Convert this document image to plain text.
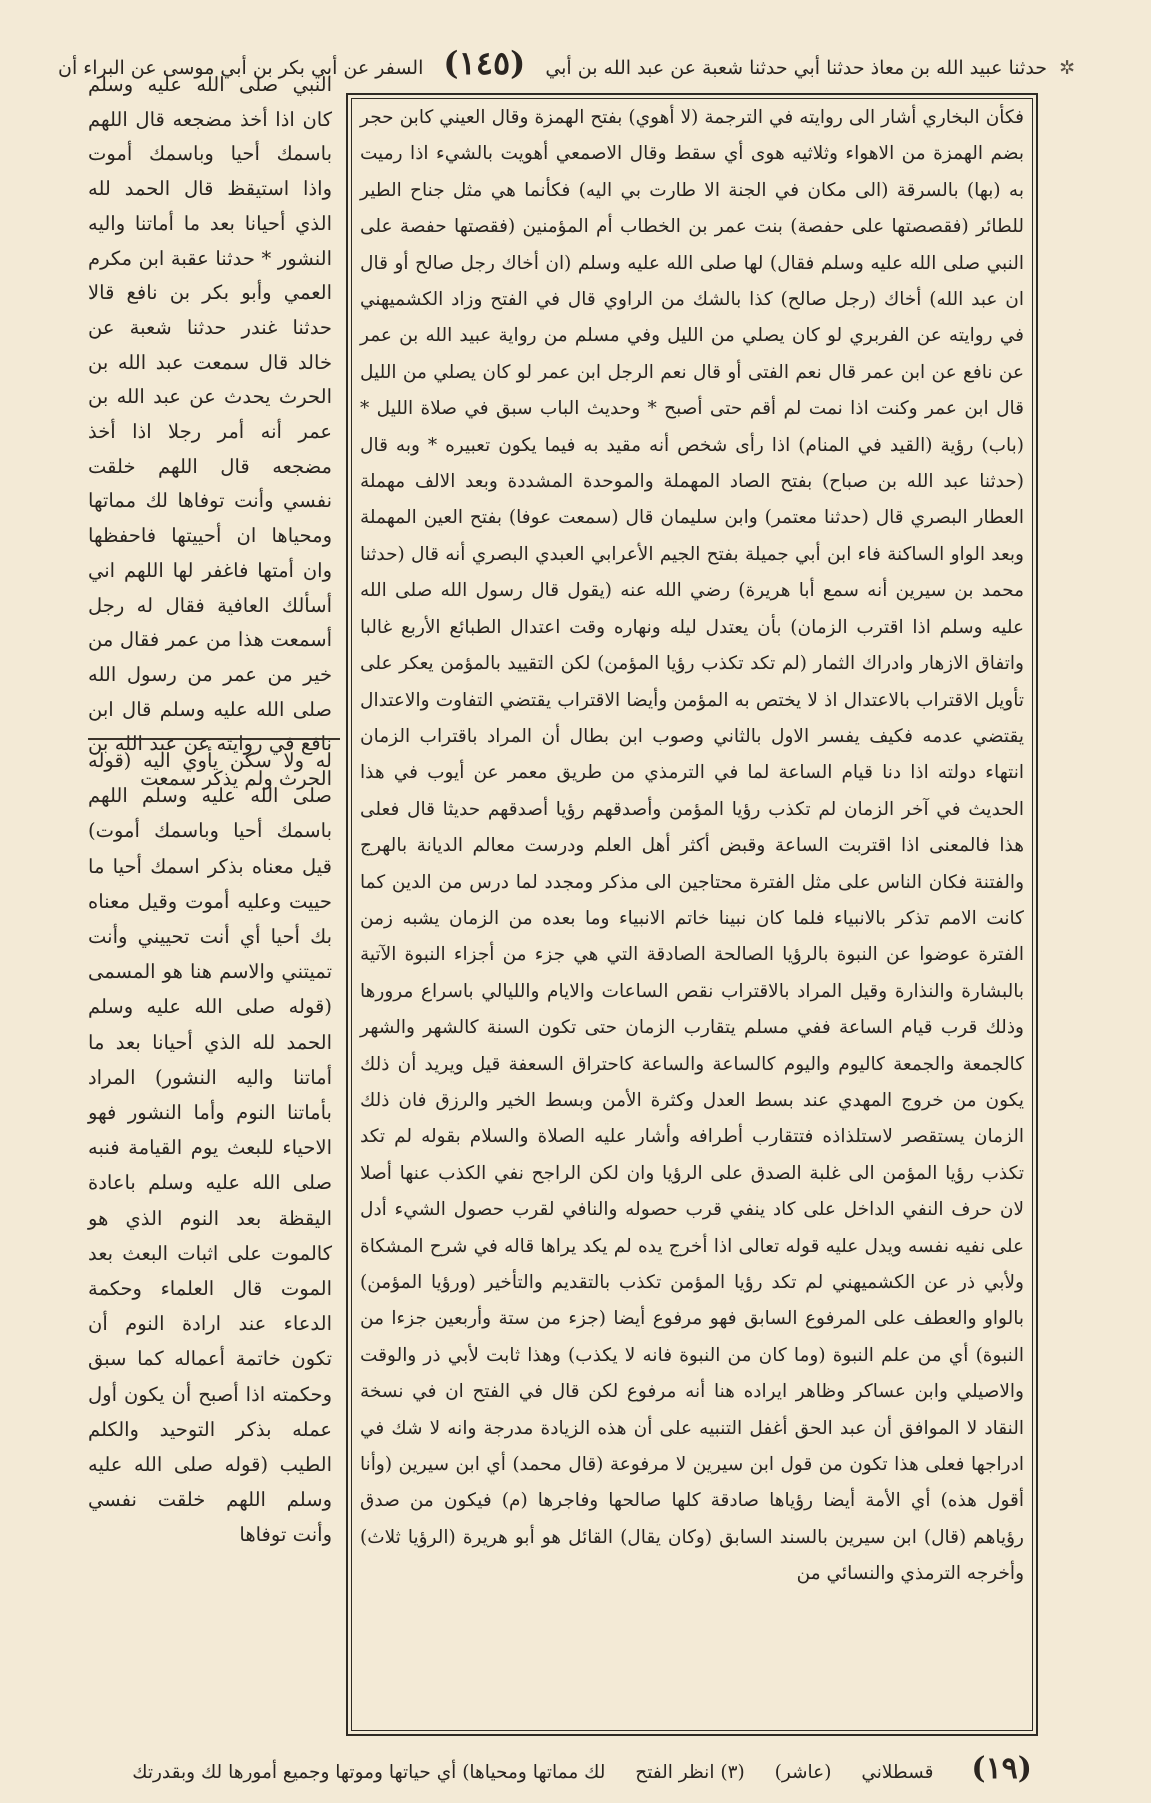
✲ حدثنا عبيد الله بن معاذ حدثنا أبي حدثنا شعبة عن عبد الله بن أبي (١٤٥) السفر عن أبي بكر بن أبي موسى عن البراء أن

النبي صلى الله عليه وسلم كان اذا أخذ مضجعه قال اللهم باسمك أحيا وباسمك أموت واذا استيقظ قال الحمد لله الذي أحيانا بعد ما أماتنا واليه النشور * حدثنا عقبة ابن مكرم العمي وأبو بكر بن نافع قالا حدثنا غندر حدثنا شعبة عن خالد قال سمعت عبد الله بن الحرث يحدث عن عبد الله بن عمر أنه أمر رجلا اذا أخذ مضجعه قال اللهم خلقت نفسي وأنت توفاها لك مماتها ومحياها ان أحييتها فاحفظها وان أمتها فاغفر لها اللهم اني أسألك العافية فقال له رجل أسمعت هذا من عمر فقال من خير من عمر من رسول الله صلى الله عليه وسلم قال ابن نافع في روايته عن عبد الله بن الحرث ولم يذكر سمعت

له ولا سكن يأوي اليه (قوله صلى الله عليه وسلم اللهم باسمك أحيا وباسمك أموت) قيل معناه بذكر اسمك أحيا ما حييت وعليه أموت وقيل معناه بك أحيا أي أنت تحييني وأنت تميتني والاسم هنا هو المسمى (قوله صلى الله عليه وسلم الحمد لله الذي أحيانا بعد ما أماتنا واليه النشور) المراد بأماتنا النوم وأما النشور فهو الاحياء للبعث يوم القيامة فنبه صلى الله عليه وسلم باعادة اليقظة بعد النوم الذي هو كالموت على اثبات البعث بعد الموت قال العلماء وحكمة الدعاء عند ارادة النوم أن تكون خاتمة أعماله كما سبق وحكمته اذا أصبح أن يكون أول عمله بذكر التوحيد والكلم الطيب (قوله صلى الله عليه وسلم اللهم خلقت نفسي وأنت توفاها

فكأن البخاري أشار الى روايته في الترجمة (لا أهوي) بفتح الهمزة وقال العيني كابن حجر بضم الهمزة من الاهواء وثلاثيه هوى أي سقط وقال الاصمعي أهويت بالشيء اذا رميت به (بها) بالسرقة (الى مكان في الجنة الا طارت بي اليه) فكأنما هي مثل جناح الطير للطائر (فقصصتها على حفصة) بنت عمر بن الخطاب أم المؤمنين (فقصتها حفصة على النبي صلى الله عليه وسلم فقال) لها صلى الله عليه وسلم (ان أخاك رجل صالح أو قال ان عبد الله) أخاك (رجل صالح) كذا بالشك من الراوي قال في الفتح وزاد الكشميهني في روايته عن الفربري لو كان يصلي من الليل وفي مسلم من رواية عبيد الله بن عمر عن نافع عن ابن عمر قال نعم الفتى أو قال نعم الرجل ابن عمر لو كان يصلي من الليل قال ابن عمر وكنت اذا نمت لم أقم حتى أصبح * وحديث الباب سبق في صلاة الليل * (باب) رؤية (القيد في المنام) اذا رأى شخص أنه مقيد به فيما يكون تعبيره * وبه قال (حدثنا عبد الله بن صباح) بفتح الصاد المهملة والموحدة المشددة وبعد الالف مهملة العطار البصري قال (حدثنا معتمر) وابن سليمان قال (سمعت عوفا) بفتح العين المهملة وبعد الواو الساكنة فاء ابن أبي جميلة بفتح الجيم الأعرابي العبدي البصري أنه قال (حدثنا محمد بن سيرين أنه سمع أبا هريرة) رضي الله عنه (يقول قال رسول الله صلى الله عليه وسلم اذا اقترب الزمان) بأن يعتدل ليله ونهاره وقت اعتدال الطبائع الأربع غالبا واتفاق الازهار وادراك الثمار (لم تكد تكذب رؤيا المؤمن) لكن التقييد بالمؤمن يعكر على تأويل الاقتراب بالاعتدال اذ لا يختص به المؤمن وأيضا الاقتراب يقتضي التفاوت والاعتدال يقتضي عدمه فكيف يفسر الاول بالثاني وصوب ابن بطال أن المراد باقتراب الزمان انتهاء دولته اذا دنا قيام الساعة لما في الترمذي من طريق معمر عن أيوب في هذا الحديث في آخر الزمان لم تكذب رؤيا المؤمن وأصدقهم رؤيا أصدقهم حديثا قال فعلى هذا فالمعنى اذا اقتربت الساعة وقبض أكثر أهل العلم ودرست معالم الديانة بالهرج والفتنة فكان الناس على مثل الفترة محتاجين الى مذكر ومجدد لما درس من الدين كما كانت الامم تذكر بالانبياء فلما كان نبينا خاتم الانبياء وما بعده من الزمان يشبه زمن الفترة عوضوا عن النبوة بالرؤيا الصالحة الصادقة التي هي جزء من أجزاء النبوة الآتية بالبشارة والنذارة وقيل المراد بالاقتراب نقص الساعات والايام والليالي باسراع مرورها وذلك قرب قيام الساعة ففي مسلم يتقارب الزمان حتى تكون السنة كالشهر والشهر كالجمعة والجمعة كاليوم واليوم كالساعة والساعة كاحتراق السعفة قيل ويريد أن ذلك يكون من خروج المهدي عند بسط العدل وكثرة الأمن وبسط الخير والرزق فان ذلك الزمان يستقصر لاستلذاذه فتتقارب أطرافه وأشار عليه الصلاة والسلام بقوله لم تكد تكذب رؤيا المؤمن الى غلبة الصدق على الرؤيا وان لكن الراجح نفي الكذب عنها أصلا لان حرف النفي الداخل على كاد ينفي قرب حصوله والنافي لقرب حصول الشيء أدل على نفيه نفسه ويدل عليه قوله تعالى اذا أخرج يده لم يكد يراها قاله في شرح المشكاة ولأبي ذر عن الكشميهني لم تكد رؤيا المؤمن تكذب بالتقديم والتأخير (ورؤيا المؤمن) بالواو والعطف على المرفوع السابق فهو مرفوع أيضا (جزء من ستة وأربعين جزءا من النبوة) أي من علم النبوة (وما كان من النبوة فانه لا يكذب) وهذا ثابت لأبي ذر والوقت والاصيلي وابن عساكر وظاهر ايراده هنا أنه مرفوع لكن قال في الفتح ان في نسخة النقاد لا الموافق أن عبد الحق أغفل التنبيه على أن هذه الزيادة مدرجة وانه لا شك في ادراجها فعلى هذا تكون من قول ابن سيرين لا مرفوعة (قال محمد) أي ابن سيرين (وأنا أقول هذه) أي الأمة أيضا رؤياها صادقة كلها صالحها وفاجرها (م) فيكون من صدق رؤياهم (قال) ابن سيرين بالسند السابق (وكان يقال) القائل هو أبو هريرة (الرؤيا ثلاث) وأخرجه الترمذي والنسائي من

(١٩) قسطلاني (عاشر) (٣) انظر الفتح لك مماتها ومحياها) أي حياتها وموتها وجميع أمورها لك وبقدرتك
